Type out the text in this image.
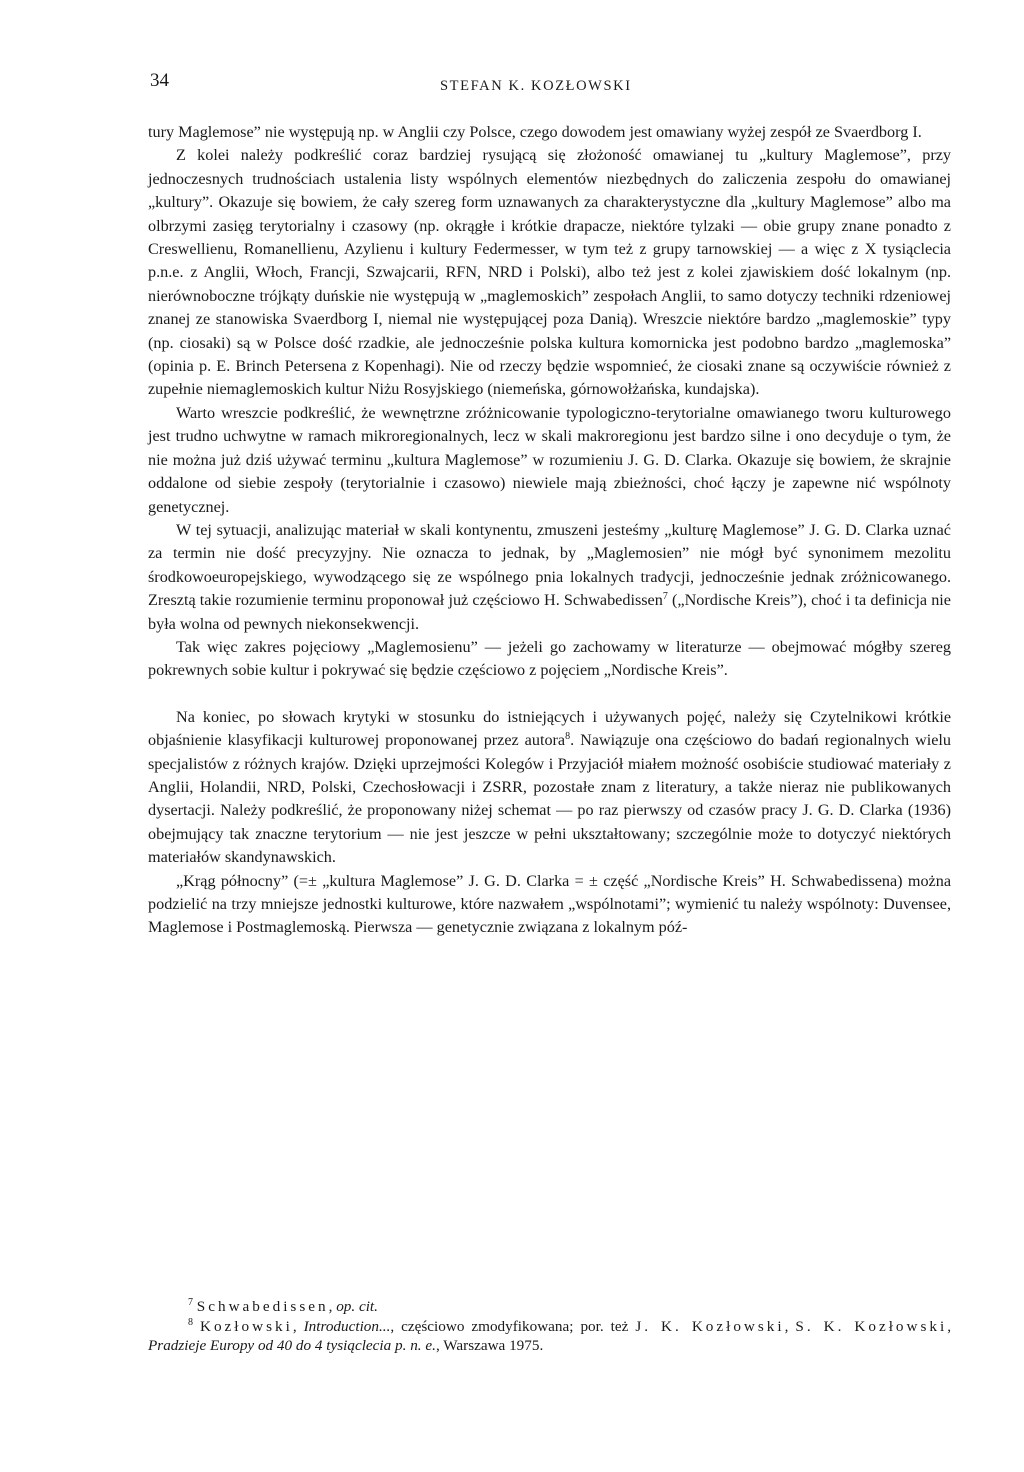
34	STEFAN K. KOZŁOWSKI

tury Maglemose” nie występują np. w Anglii czy Polsce, czego dowodem jest omawiany wyżej zespół ze Svaerdborg I.

Z kolei należy podkreślić coraz bardziej rysującą się złożoność omawianej tu „kultury Maglemose”, przy jednoczesnych trudnościach ustalenia listy wspólnych elementów niezbędnych do zaliczenia zespołu do omawianej „kultury”. Okazuje się bowiem, że cały szereg form uznawanych za charakterystyczne dla „kultury Maglemose” albo ma olbrzymi zasięg terytorialny i czasowy (np. okrągłe i krótkie drapacze, niektóre tylzaki — obie grupy znane ponadto z Creswellienu, Romanellienu, Azylienu i kultury Federmesser, w tym też z grupy tarnowskiej — a więc z X tysiąclecia p.n.e. z Anglii, Włoch, Francji, Szwajcarii, RFN, NRD i Polski), albo też jest z kolei zjawiskiem dość lokalnym (np. nierównoboczne trójkąty duńskie nie występują w „maglemoskich” zespołach Anglii, to samo dotyczy techniki rdzeniowej znanej ze stanowiska Svaerdborg I, niemal nie występującej poza Danią). Wreszcie niektóre bardzo „maglemoskie” typy (np. ciosaki) są w Polsce dość rzadkie, ale jednocześnie polska kultura komornicka jest podobno bardzo „maglemoska” (opinia p. E. Brinch Petersena z Kopenhagi). Nie od rzeczy będzie wspomnieć, że ciosaki znane są oczywiście również z zupełnie niemaglemoskich kultur Niżu Rosyjskiego (niemeńska, górnowołżańska, kundajska).

Warto wreszcie podkreślić, że wewnętrzne zróżnicowanie typologiczno-terytorialne omawianego tworu kulturowego jest trudno uchwytne w ramach mikroregionalnych, lecz w skali makroregionu jest bardzo silne i ono decyduje o tym, że nie można już dziś używać terminu „kultura Maglemose” w rozumieniu J. G. D. Clarka. Okazuje się bowiem, że skrajnie oddalone od siebie zespoły (terytorialnie i czasowo) niewiele mają zbieżności, choć łączy je zapewne nić wspólnoty genetycznej.

W tej sytuacji, analizując materiał w skali kontynentu, zmuszeni jesteśmy „kulturę Maglemose” J. G. D. Clarka uznać za termin nie dość precyzyjny. Nie oznacza to jednak, by „Maglemosien” nie mógł być synonimem mezolitu środkowoeuropejskiego, wywodzącego się ze wspólnego pnia lokalnych tradycji, jednocześnie jednak zróżnicowanego. Zresztą takie rozumienie terminu proponował już częściowo H. Schwabedissen$^7$ („Nordische Kreis”), choć i ta definicja nie była wolna od pewnych niekonsekwencji.

Tak więc zakres pojęciowy „Maglemosienu” — jeżeli go zachowamy w literaturze — obejmować mógłby szereg pokrewnych sobie kultur i pokrywać się będzie częściowo z pojęciem „Nordische Kreis”.

Na koniec, po słowach krytyki w stosunku do istniejących i używanych pojęć, należy się Czytelnikowi krótkie objaśnienie klasyfikacji kulturowej proponowanej przez autora$^8$. Nawiązuje ona częściowo do badań regionalnych wielu specjalistów z różnych krajów. Dzięki uprzejmości Kolegów i Przyjaciół miałem możność osobiście studiować materiały z Anglii, Holandii, NRD, Polski, Czechosłowacji i ZSRR, pozostałe znam z literatury, a także nieraz nie publikowanych dysertacji. Należy podkreślić, że proponowany niżej schemat — po raz pierwszy od czasów pracy J. G. D. Clarka (1936) obejmujący tak znaczne terytorium — nie jest jeszcze w pełni ukształtowany; szczególnie może to dotyczyć niektórych materiałów skandynawskich.

„Krąg północny” (=± „kultura Maglemose” J. G. D. Clarka = ± część „Nordische Kreis” H. Schwabedissena) można podzielić na trzy mniejsze jednostki kulturowe, które nazwałem „wspólnotami”; wymienić tu należy wspólnoty: Duvensee, Maglemose i Postmaglemoską. Pierwsza — genetycznie związana z lokalnym póź-

$^7$ Schwabedissen, op. cit.

$^8$ Kozłowski, Introduction..., częściowo zmodyfikowana; por. też J. K. Kozłowski, S. K. Kozłowski, Pradzieje Europy od 40 do 4 tysiąclecia p. n. e., Warszawa 1975.
